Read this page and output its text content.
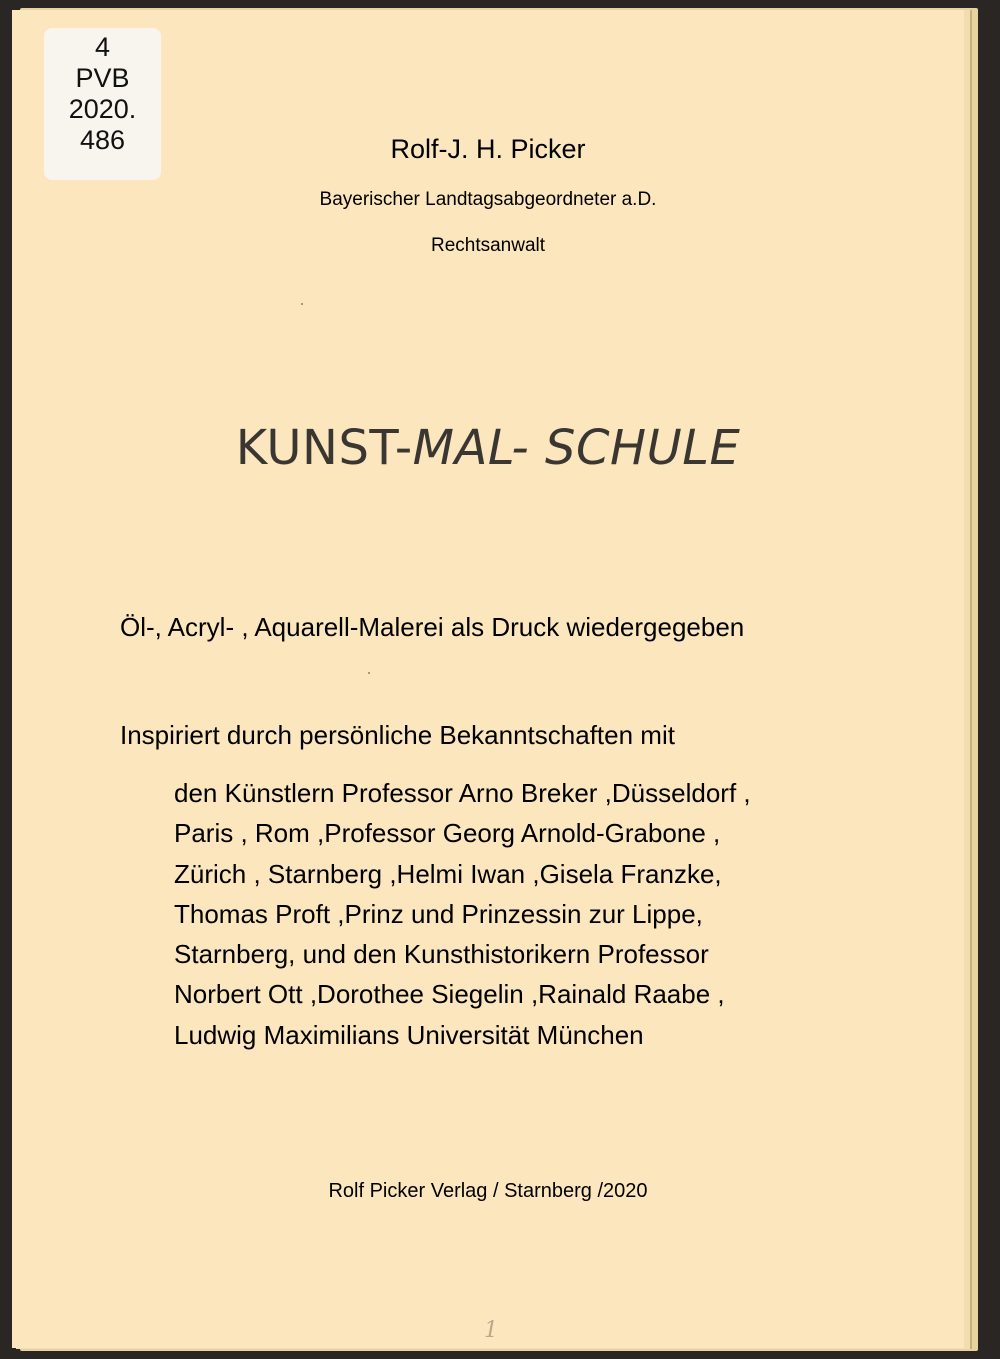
4
PVB
2020.
486	Rolf-J. H. Picker
Bayerischer Landtagsabgeordneter a.D.
Rechtsanwalt
KUNST-MAL- SCHULE
Öl-, Acryl- , Aquarell-Malerei als Druck wiedergegeben
Inspiriert durch persönliche Bekanntschaften mit
den Künstlern Professor Arno Breker ,Düsseldorf ,
Paris , Rom ,Professor Georg Arnold-Grabone ,
Zürich , Starnberg ,Helmi Iwan ,Gisela Franzke,
Thomas Proft ,Prinz und Prinzessin zur Lippe,
Starnberg, und den Kunsthistorikern Professor
Norbert Ott ,Dorothee Siegelin ,Rainald Raabe ,
Ludwig Maximilians Universität München
Rolf Picker Verlag / Starnberg /2020
1
